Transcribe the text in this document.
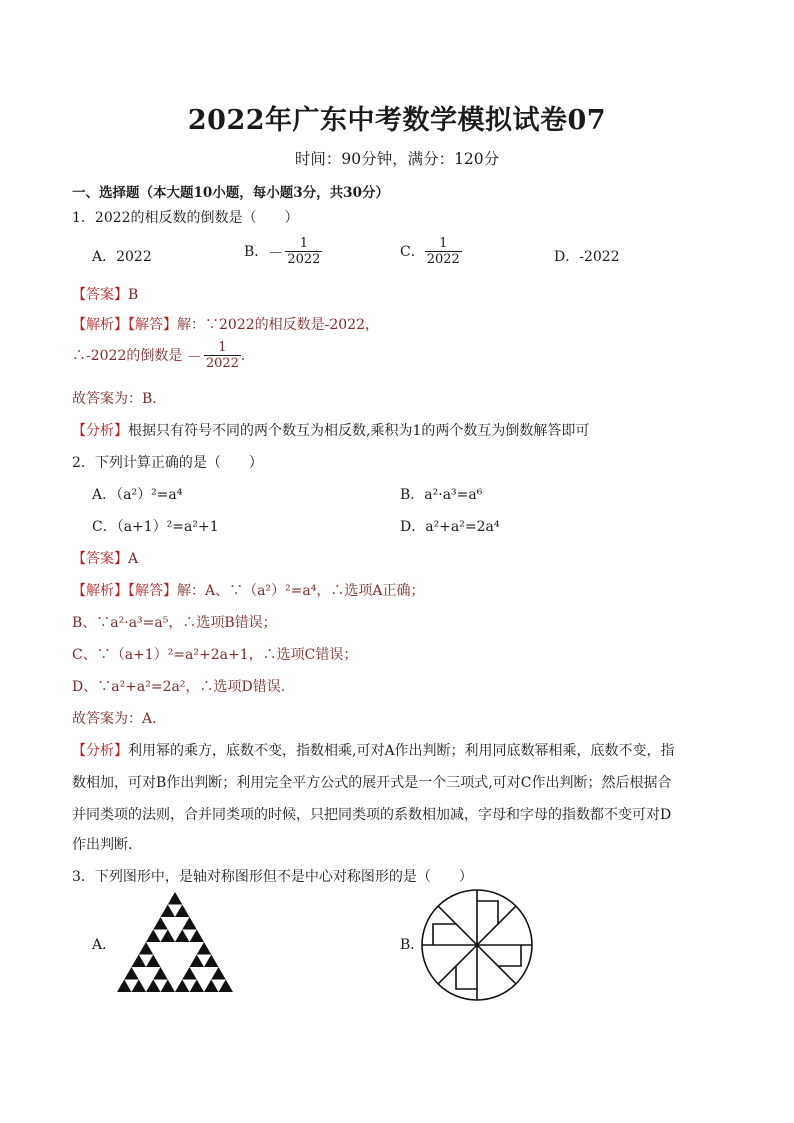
2022年广东中考数学模拟试卷07
时间：90分钟，满分：120分
一、选择题（本大题10小题，每小题3分，共30分）
1．2022的相反数的倒数是（　　）
A．2022	B．－ $\frac{1}{2022}$	C． $\frac{1}{2022}$	D．-2022
【答案】B
【解析】【解答】解：∵2022的相反数是-2022，
∴-2022的倒数是 － $\frac{1}{2022}$ .
故答案为：B.
【分析】根据只有符号不同的两个数互为相反数,乘积为1的两个数互为倒数解答即可
2．下列计算正确的是（　　）
A．（a²）²=a⁴	B．a²·a³=a⁶
C．（a+1）²=a²+1	D．a²+a²=2a⁴
【答案】A
【解析】【解答】解：A、∵（a²）²=a⁴，∴选项A正确；
B、∵a²·a³=a⁵，∴选项B错误；
C、∵（a+1）²=a²+2a+1，∴选项C错误；
D、∵a²+a²=2a²，∴选项D错误.
故答案为：A.
【分析】利用幂的乘方，底数不变，指数相乘,可对A作出判断；利用同底数幂相乘，底数不变，指
数相加，可对B作出判断；利用完全平方公式的展开式是一个三项式,可对C作出判断；然后根据合
并同类项的法则，合并同类项的时候，只把同类项的系数相加减，字母和字母的指数都不变可对D
作出判断.
3．下列图形中，是轴对称图形但不是中心对称图形的是（　　）
A．	B．
